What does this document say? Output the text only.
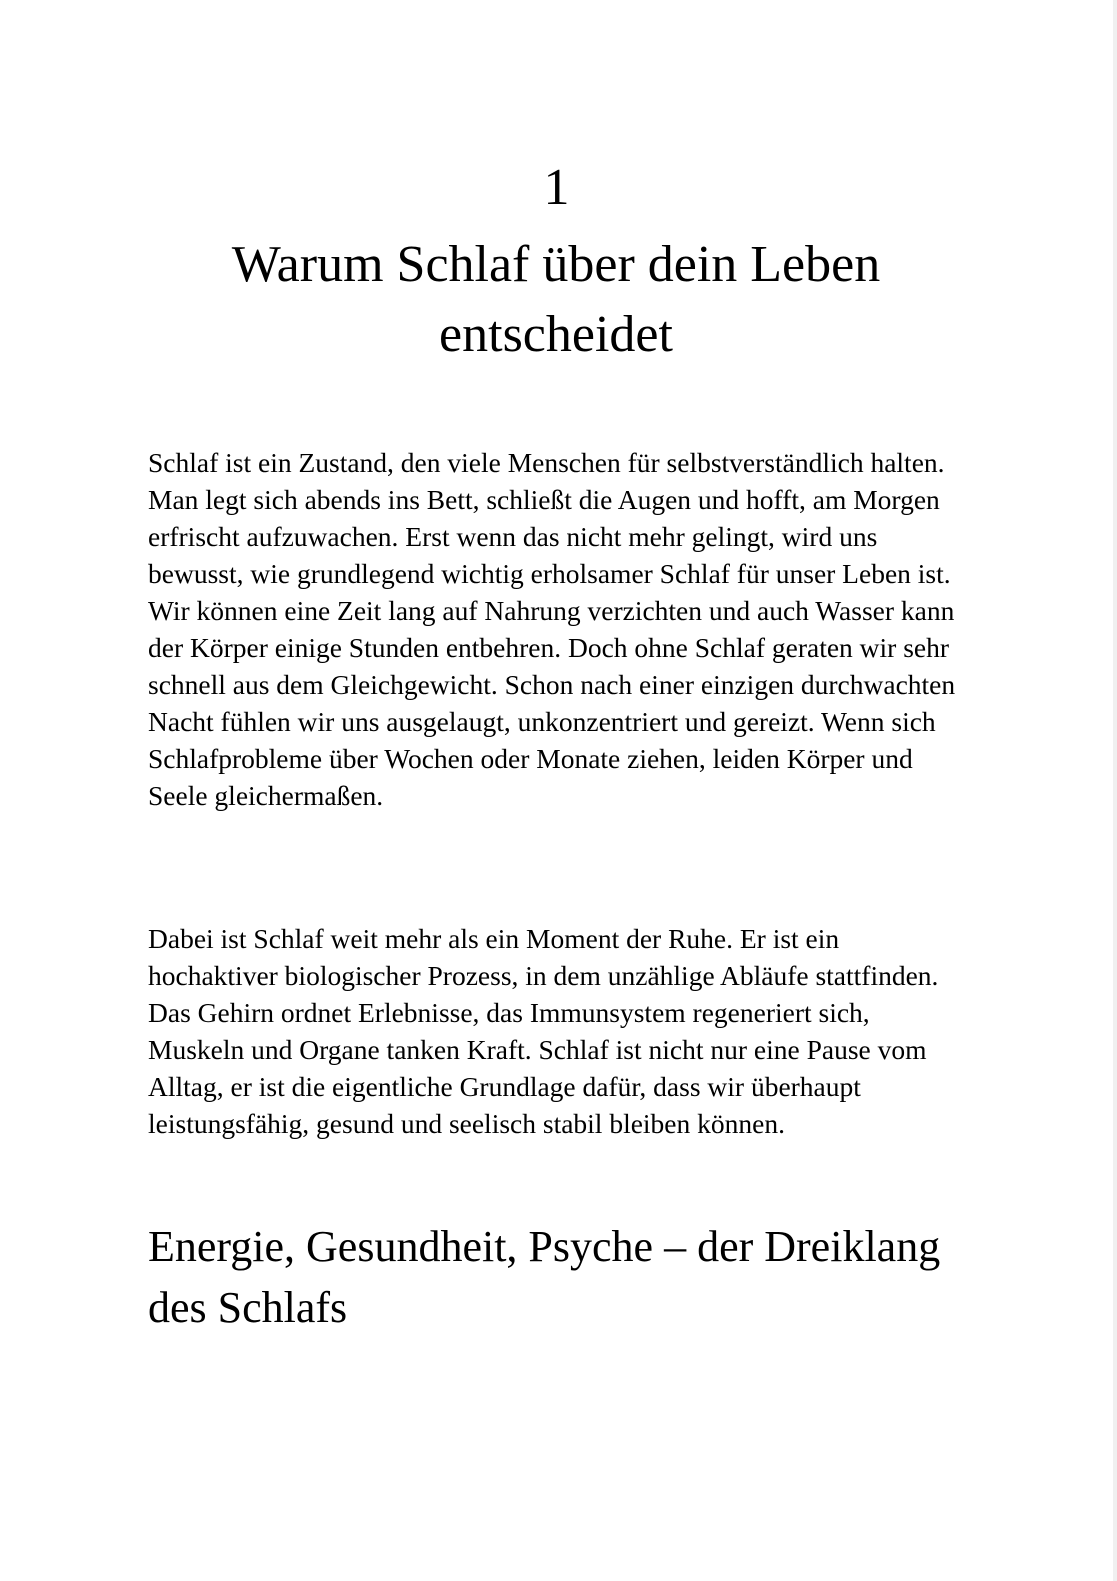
1
Warum Schlaf über dein Leben entscheidet

Schlaf ist ein Zustand, den viele Menschen für selbstverständlich halten. Man legt sich abends ins Bett, schließt die Augen und hofft, am Morgen erfrischt aufzuwachen. Erst wenn das nicht mehr gelingt, wird uns bewusst, wie grundlegend wichtig erholsamer Schlaf für unser Leben ist. Wir können eine Zeit lang auf Nahrung verzichten und auch Wasser kann der Körper einige Stunden entbehren. Doch ohne Schlaf geraten wir sehr schnell aus dem Gleichgewicht. Schon nach einer einzigen durchwachten Nacht fühlen wir uns ausgelaugt, unkonzentriert und gereizt. Wenn sich Schlafprobleme über Wochen oder Monate ziehen, leiden Körper und Seele gleichermaßen.

Dabei ist Schlaf weit mehr als ein Moment der Ruhe. Er ist ein hochaktiver biologischer Prozess, in dem unzählige Abläufe stattfinden. Das Gehirn ordnet Erlebnisse, das Immunsystem regeneriert sich, Muskeln und Organe tanken Kraft. Schlaf ist nicht nur eine Pause vom Alltag, er ist die eigentliche Grundlage dafür, dass wir überhaupt leistungsfähig, gesund und seelisch stabil bleiben können.

Energie, Gesundheit, Psyche – der Dreiklang des Schlafs
